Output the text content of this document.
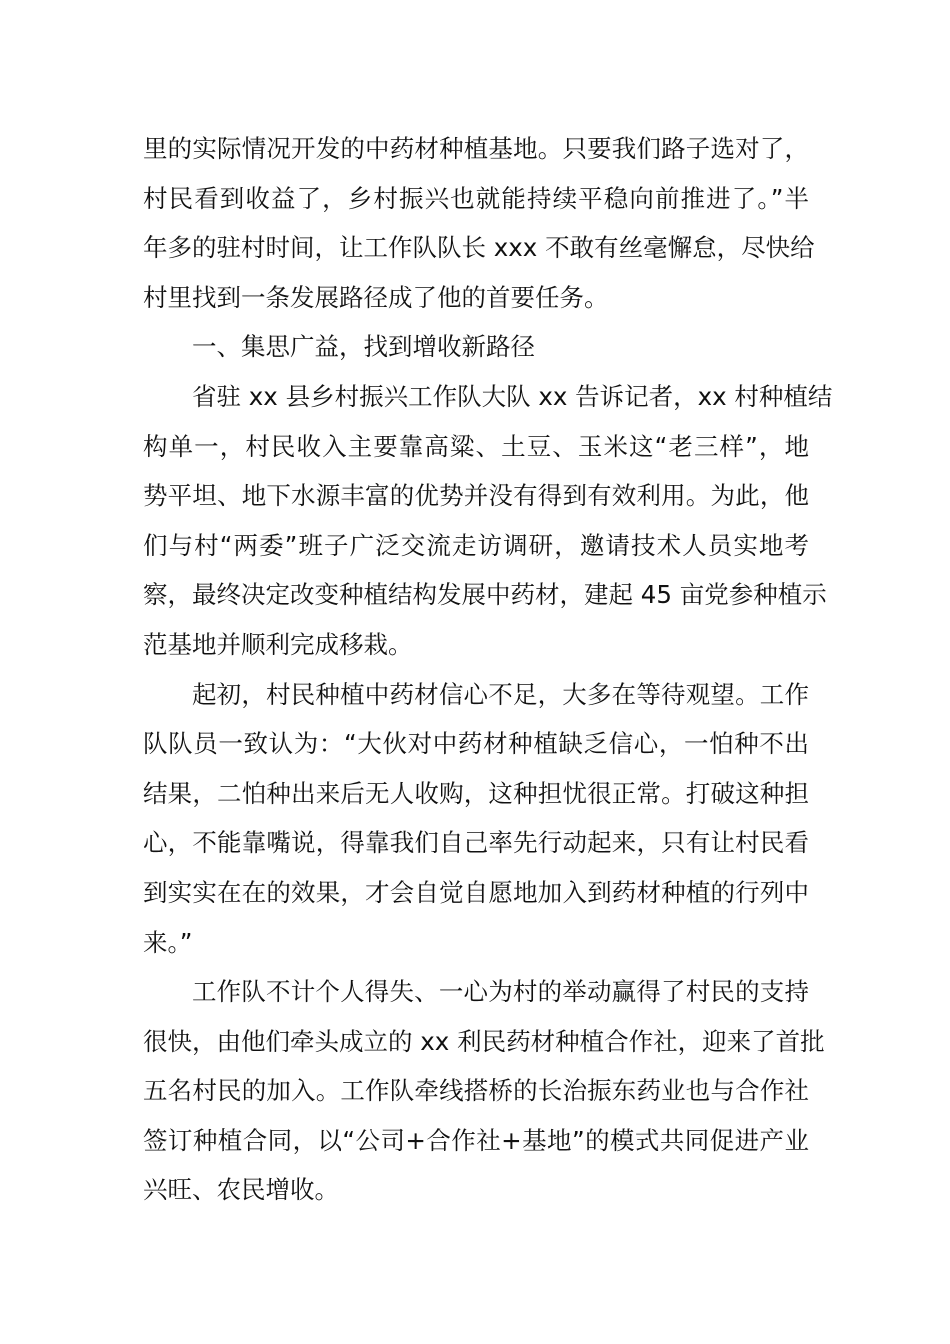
里的实际情况开发的中药材种植基地。只要我们路子选对了，
村民看到收益了，乡村振兴也就能持续平稳向前推进了。”半
年多的驻村时间，让工作队队长 xxx 不敢有丝毫懈怠，尽快给
村里找到一条发展路径成了他的首要任务。
一、集思广益，找到增收新路径
省驻 xx 县乡村振兴工作队大队 xx 告诉记者，xx 村种植结
构单一，村民收入主要靠高粱、土豆、玉米这“老三样”，地
势平坦、地下水源丰富的优势并没有得到有效利用。为此，他
们与村“两委”班子广泛交流走访调研，邀请技术人员实地考
察，最终决定改变种植结构发展中药材，建起 45 亩党参种植示
范基地并顺利完成移栽。
起初，村民种植中药材信心不足，大多在等待观望。工作
队队员一致认为：“大伙对中药材种植缺乏信心，一怕种不出
结果，二怕种出来后无人收购，这种担忧很正常。打破这种担
心，不能靠嘴说，得靠我们自己率先行动起来，只有让村民看
到实实在在的效果，才会自觉自愿地加入到药材种植的行列中
来。”
工作队不计个人得失、一心为村的举动赢得了村民的支持
很快，由他们牵头成立的 xx 利民药材种植合作社，迎来了首批
五名村民的加入。工作队牵线搭桥的长治振东药业也与合作社
签订种植合同，以“公司+合作社+基地”的模式共同促进产业
兴旺、农民增收。
